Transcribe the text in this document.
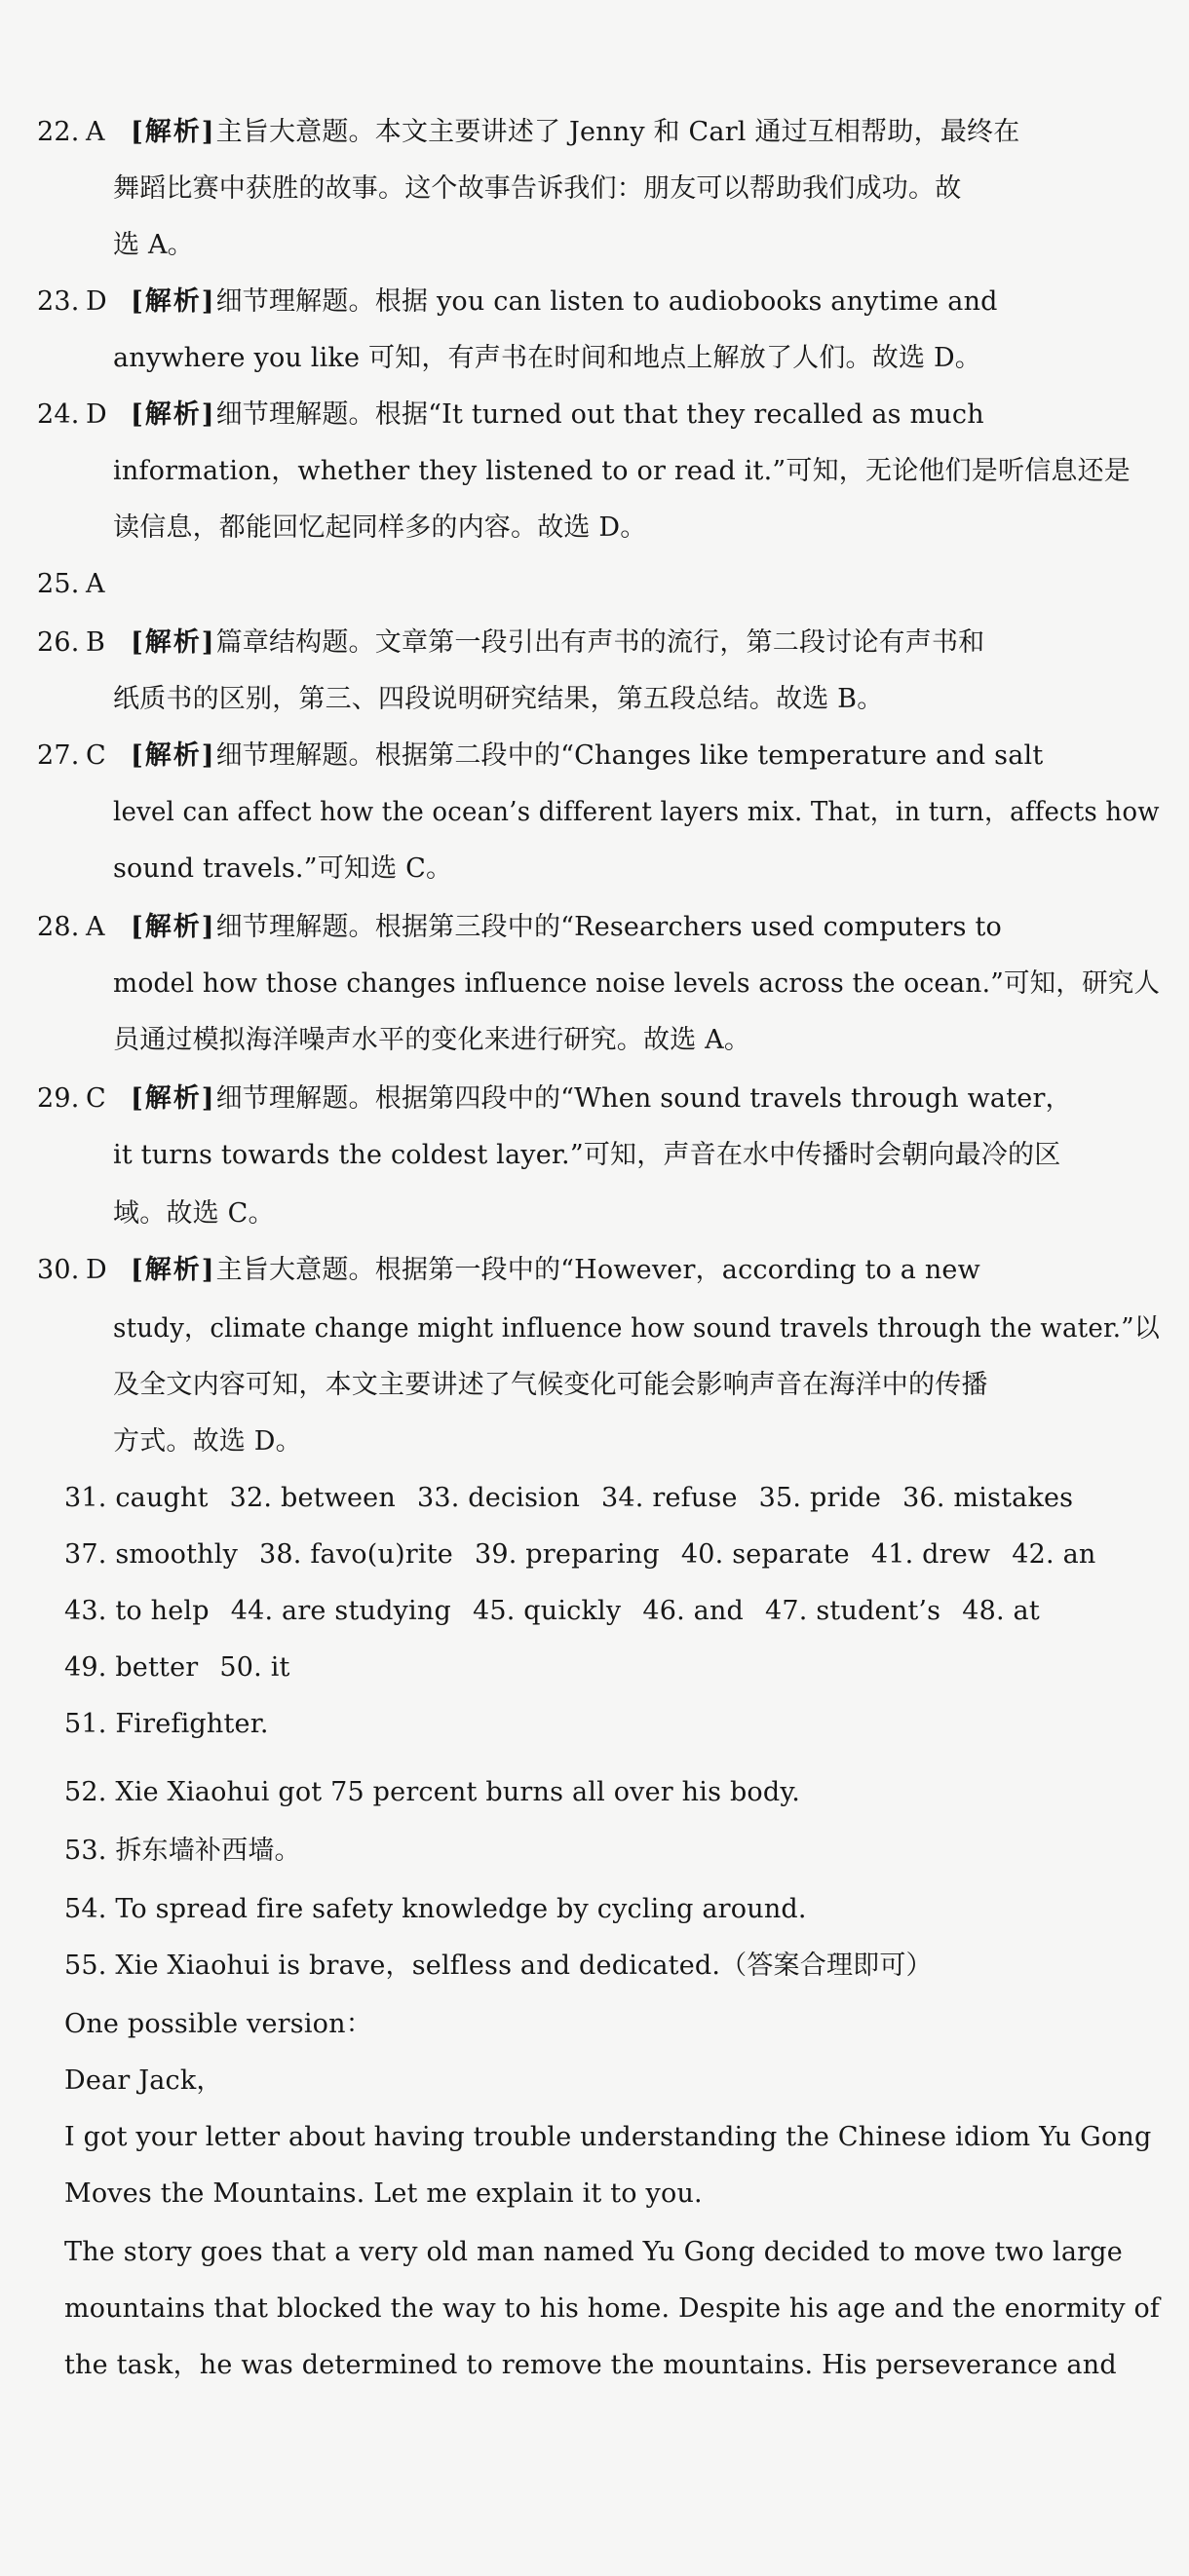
22. A [解析]主旨大意题。本文主要讲述了 Jenny 和 Carl 通过互相帮助，最终在
舞蹈比赛中获胜的故事。这个故事告诉我们：朋友可以帮助我们成功。故
选 A。
23. D [解析]细节理解题。根据 you can listen to audiobooks anytime and
anywhere you like 可知，有声书在时间和地点上解放了人们。故选 D。
24. D [解析]细节理解题。根据“It turned out that they recalled as much
information，whether they listened to or read it.”可知，无论他们是听信息还是
读信息，都能回忆起同样多的内容。故选 D。
25. A
26. B [解析]篇章结构题。文章第一段引出有声书的流行，第二段讨论有声书和
纸质书的区别，第三、四段说明研究结果，第五段总结。故选 B。
27. C [解析]细节理解题。根据第二段中的“Changes like temperature and salt
level can affect how the ocean’s different layers mix. That，in turn，affects how
sound travels.”可知选 C。
28. A [解析]细节理解题。根据第三段中的“Researchers used computers to
model how those changes influence noise levels across the ocean.”可知，研究人
员通过模拟海洋噪声水平的变化来进行研究。故选 A。
29. C [解析]细节理解题。根据第四段中的“When sound travels through water，
it turns towards the coldest layer.”可知，声音在水中传播时会朝向最冷的区
域。故选 C。
30. D [解析]主旨大意题。根据第一段中的“However，according to a new
study，climate change might influence how sound travels through the water.”以
及全文内容可知，本文主要讲述了气候变化可能会影响声音在海洋中的传播
方式。故选 D。
31. caught 32. between 33. decision 34. refuse 35. pride 36. mistakes
37. smoothly 38. favo(u)rite 39. preparing 40. separate 41. drew 42. an
43. to help 44. are studying 45. quickly 46. and 47. student’s 48. at
49. better 50. it
51. Firefighter.
52. Xie Xiaohui got 75 percent burns all over his body.
53. 拆东墙补西墙。
54. To spread fire safety knowledge by cycling around.
55. Xie Xiaohui is brave，selfless and dedicated.（答案合理即可）
One possible version：
Dear Jack，
I got your letter about having trouble understanding the Chinese idiom Yu Gong
Moves the Mountains. Let me explain it to you.
The story goes that a very old man named Yu Gong decided to move two large
mountains that blocked the way to his home. Despite his age and the enormity of
the task，he was determined to remove the mountains. His perseverance and
